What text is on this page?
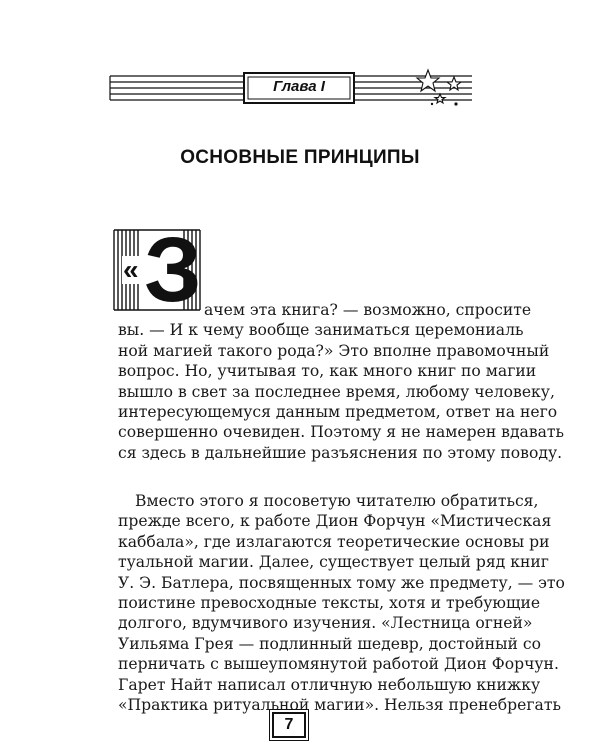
Глава I
ОСНОВНЫЕ ПРИНЦИПЫ
« З ачем эта книга? — возможно, спросите
вы. — И к чему вообще заниматься церемониаль
ной магией такого рода?» Это вполне правомочный
вопрос. Но, учитывая то, как много книг по магии
вышло в свет за последнее время, любому человеку,
интересующемуся данным предметом, ответ на него
совершенно очевиден. Поэтому я не намерен вдавать
ся здесь в дальнейшие разъяснения по этому поводу.
Вместо этого я посоветую читателю обратиться,
прежде всего, к работе Дион Форчун «Мистическая
каббала», где излагаются теоретические основы ри
туальной магии. Далее, существует целый ряд книг
У. Э. Батлера, посвященных тому же предмету, — это
поистине превосходные тексты, хотя и требующие
долгого, вдумчивого изучения. «Лестница огней»
Уильяма Грея — подлинный шедевр, достойный со
перничать с вышеупомянутой работой Дион Форчун.
Гарет Найт написал отличную небольшую книжку
«Практика ритуальной магии». Нельзя пренебрегать
7
